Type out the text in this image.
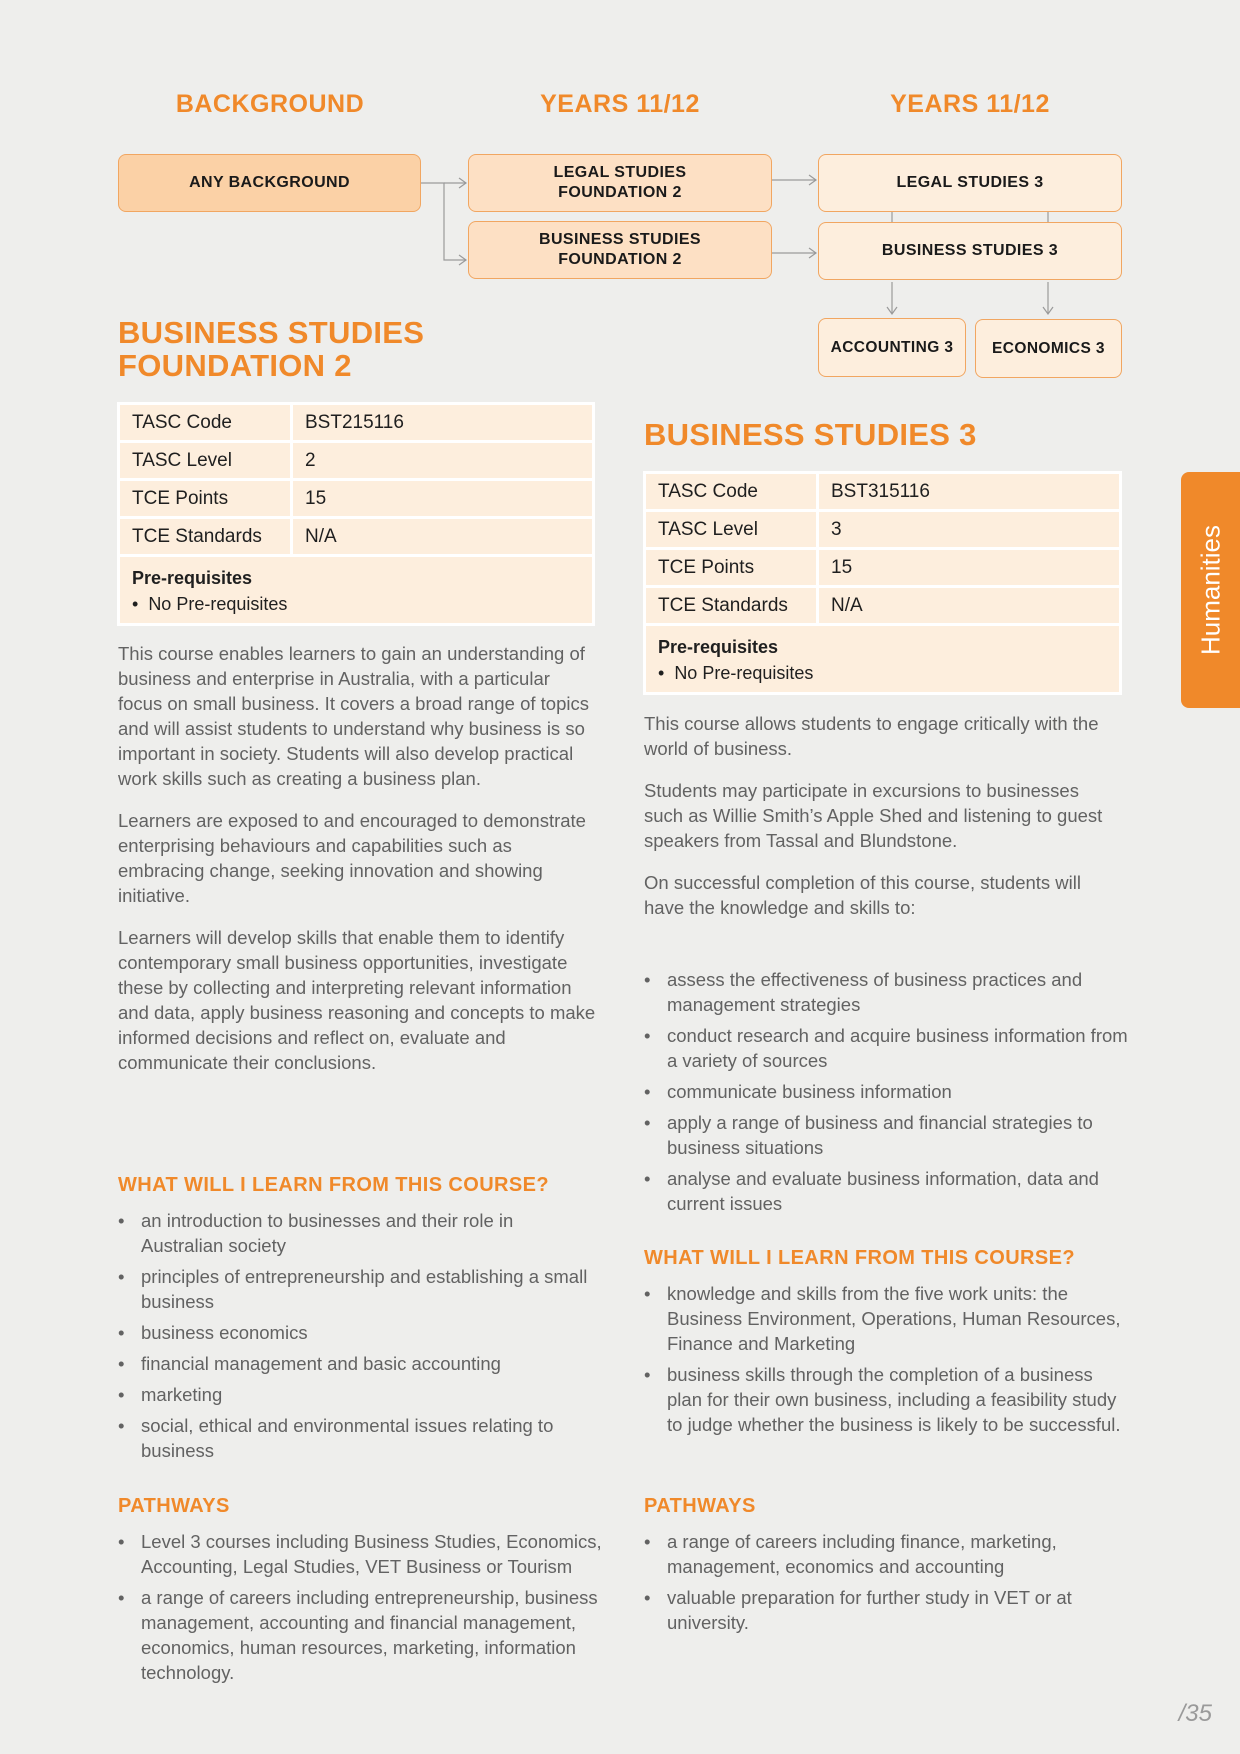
BACKGROUND	YEARS 11/12	YEARS 11/12
ANY BACKGROUND
LEGAL STUDIES
FOUNDATION 2
BUSINESS STUDIES
FOUNDATION 2
LEGAL STUDIES 3
BUSINESS STUDIES 3
ACCOUNTING 3 ECONOMICS 3
BUSINESS STUDIES
FOUNDATION 2
TASC Code	BST215116
TASC Level	2
TCE Points	15
TCE Standards	N/A
Pre-requisites
•  No Pre-requisites

This course enables learners to gain an understanding of business and enterprise in Australia, with a particular focus on small business. It covers a broad range of topics and will assist students to understand why business is so important in society. Students will also develop practical work skills such as creating a business plan.

Learners are exposed to and encouraged to demonstrate enterprising behaviours and capabilities such as embracing change, seeking innovation and showing initiative.

Learners will develop skills that enable them to identify contemporary small business opportunities, investigate these by collecting and interpreting relevant information and data, apply business reasoning and concepts to make informed decisions and reflect on, evaluate and communicate their conclusions.

WHAT WILL I LEARN FROM THIS COURSE?
• an introduction to businesses and their role in Australian society
• principles of entrepreneurship and establishing a small business
• business economics
• financial management and basic accounting
• marketing
• social, ethical and environmental issues relating to business
PATHWAYS
• Level 3 courses including Business Studies, Economics, Accounting, Legal Studies, VET Business or Tourism
• a range of careers including entrepreneurship, business management, accounting and financial management, economics, human resources, marketing, information technology.
BUSINESS STUDIES 3
TASC Code	BST315116
TASC Level	3
TCE Points	15
TCE Standards	N/A
Pre-requisites
•  No Pre-requisites

This course allows students to engage critically with the world of business.

Students may participate in excursions to businesses such as Willie Smith’s Apple Shed and listening to guest speakers from Tassal and Blundstone.

On successful completion of this course, students will have the knowledge and skills to:

• assess the effectiveness of business practices and management strategies
• conduct research and acquire business information from a variety of sources
• communicate business information
• apply a range of business and financial strategies to business situations
• analyse and evaluate business information, data and current issues
WHAT WILL I LEARN FROM THIS COURSE?
• knowledge and skills from the five work units: the Business Environment, Operations, Human Resources, Finance and Marketing
• business skills through the completion of a business plan for their own business, including a feasibility study to judge whether the business is likely to be successful.
PATHWAYS
• a range of careers including finance, marketing, management, economics and accounting
• valuable preparation for further study in VET or at university.
Humanities
/35
